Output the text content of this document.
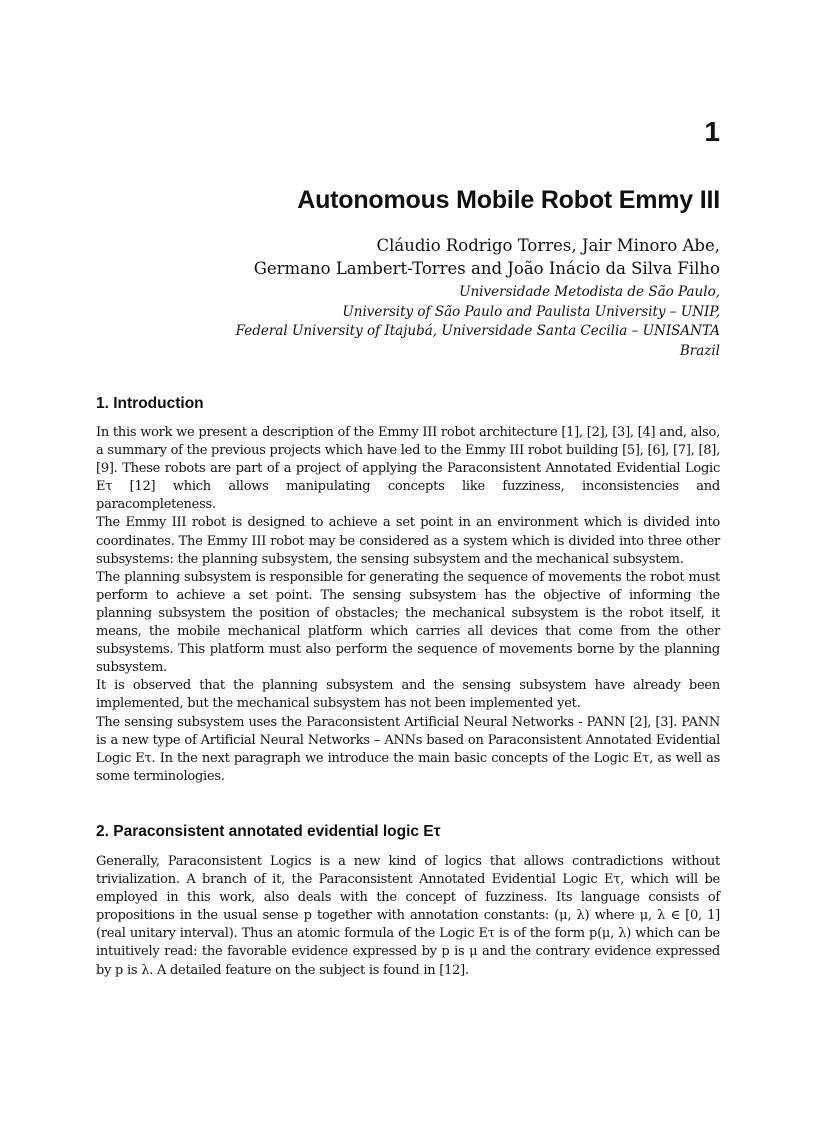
1
Autonomous Mobile Robot Emmy III
Cláudio Rodrigo Torres, Jair Minoro Abe,
Germano Lambert-Torres and João Inácio da Silva Filho
Universidade Metodista de São Paulo,
University of São Paulo and Paulista University – UNIP,
Federal University of Itajubá, Universidade Santa Cecilia – UNISANTA
Brazil
1. Introduction

In this work we present a description of the Emmy III robot architecture [1], [2], [3], [4] and, also, a summary of the previous projects which have led to the Emmy III robot building [5], [6], [7], [8], [9]. These robots are part of a project of applying the Paraconsistent Annotated Evidential Logic Eτ [12] which allows manipulating concepts like fuzziness, inconsistencies and paracompleteness.

The Emmy III robot is designed to achieve a set point in an environment which is divided into coordinates. The Emmy III robot may be considered as a system which is divided into three other subsystems: the planning subsystem, the sensing subsystem and the mechanical subsystem.

The planning subsystem is responsible for generating the sequence of movements the robot must perform to achieve a set point. The sensing subsystem has the objective of informing the planning subsystem the position of obstacles; the mechanical subsystem is the robot itself, it means, the mobile mechanical platform which carries all devices that come from the other subsystems. This platform must also perform the sequence of movements borne by the planning subsystem.

It is observed that the planning subsystem and the sensing subsystem have already been implemented, but the mechanical subsystem has not been implemented yet.

The sensing subsystem uses the Paraconsistent Artificial Neural Networks - PANN [2], [3]. PANN is a new type of Artificial Neural Networks – ANNs based on Paraconsistent Annotated Evidential Logic Eτ. In the next paragraph we introduce the main basic concepts of the Logic Eτ, as well as some terminologies.

2. Paraconsistent annotated evidential logic Eτ

Generally, Paraconsistent Logics is a new kind of logics that allows contradictions without trivialization. A branch of it, the Paraconsistent Annotated Evidential Logic Eτ, which will be employed in this work, also deals with the concept of fuzziness. Its language consists of propositions in the usual sense p together with annotation constants: (μ, λ) where μ, λ ∈ [0, 1] (real unitary interval). Thus an atomic formula of the Logic Eτ is of the form p(μ, λ) which can be intuitively read: the favorable evidence expressed by p is μ and the contrary evidence expressed by p is λ. A detailed feature on the subject is found in [12].
